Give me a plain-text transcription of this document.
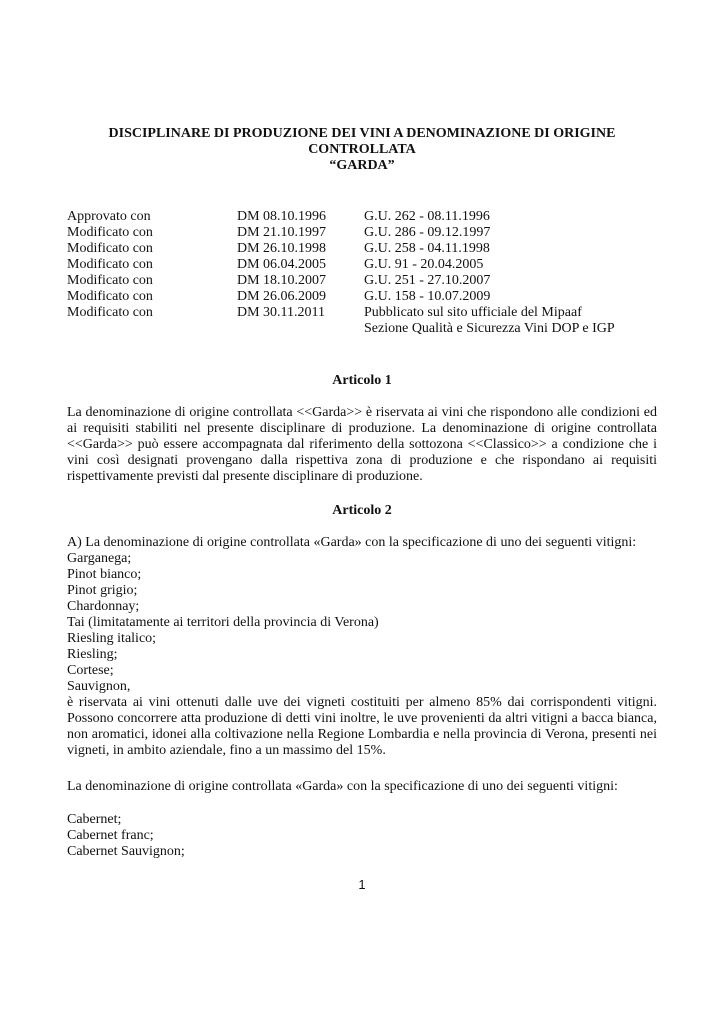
DISCIPLINARE DI PRODUZIONE DEI VINI A DENOMINAZIONE DI ORIGINE
CONTROLLATA
“GARDA”
Approvato con	DM 08.10.1996	G.U. 262 - 08.11.1996
Modificato con	DM 21.10.1997	G.U. 286 - 09.12.1997
Modificato con	DM 26.10.1998	G.U. 258 - 04.11.1998
Modificato con	DM 06.04.2005	G.U. 91 - 20.04.2005
Modificato con	DM 18.10.2007	G.U. 251 - 27.10.2007
Modificato con	DM 26.06.2009	G.U. 158 - 10.07.2009
Modificato con	DM 30.11.2011	Pubblicato sul sito ufficiale del Mipaaf
Sezione Qualità e Sicurezza Vini DOP e IGP
Articolo 1

La denominazione di origine controllata <<Garda>> è riservata ai vini che rispondono alle condizioni ed ai requisiti stabiliti nel presente disciplinare di produzione. La denominazione di origine controllata <<Garda>> può essere accompagnata dal riferimento della sottozona <<Classico>> a condizione che i vini così designati provengano dalla rispettiva zona di produzione e che rispondano ai requisiti rispettivamente previsti dal presente disciplinare di produzione.

Articolo 2

A) La denominazione di origine controllata «Garda» con la specificazione di uno dei seguenti vitigni:

Garganega;
Pinot bianco;
Pinot grigio;
Chardonnay;
Tai (limitatamente ai territori della provincia di Verona)
Riesling italico;
Riesling;
Cortese;
Sauvignon,

è riservata ai vini ottenuti dalle uve dei vigneti costituiti per almeno 85% dai corrispondenti vitigni. Possono concorrere atta produzione di detti vini inoltre, le uve provenienti da altri vitigni a bacca bianca, non aromatici, idonei alla coltivazione nella Regione Lombardia e nella provincia di Verona, presenti nei vigneti, in ambito aziendale, fino a un massimo del 15%.

La denominazione di origine controllata «Garda» con la specificazione di uno dei seguenti vitigni:

Cabernet;
Cabernet franc;
Cabernet Sauvignon;
1
